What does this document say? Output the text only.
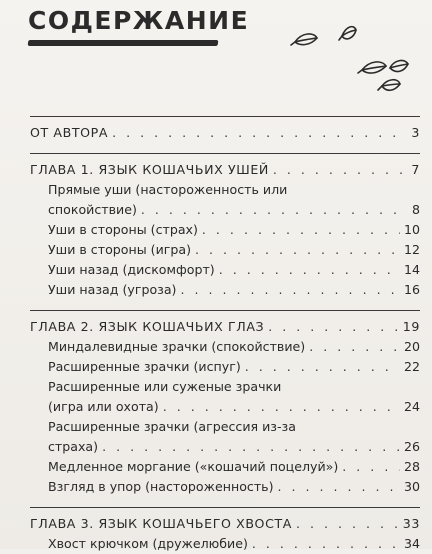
СОДЕРЖАНИЕ
ОТ АВТОРА . . .	3
ГЛАВА 1. ЯЗЫК КОШАЧЬИХ УШЕЙ . . .	7
Прямые уши (настороженность или
спокойствие) . . .	8
Уши в стороны (страх) . . .	10
Уши в стороны (игра) . . .	12
Уши назад (дискомфорт) . . .	14
Уши назад (угроза) . . .	16
ГЛАВА 2. ЯЗЫК КОШАЧЬИХ ГЛАЗ . . .	19
Миндалевидные зрачки (спокойствие) . . .	20
Расширенные зрачки (испуг) . . .	22
Расширенные или суженые зрачки
(игра или охота) . . .	24
Расширенные зрачки (агрессия из-за
страха) . . .	26
Медленное моргание («кошачий поцелуй») . . .	28
Взгляд в упор (настороженность) . . .	30
ГЛАВА 3. ЯЗЫК КОШАЧЬЕГО ХВОСТА . . .	33
Хвост крючком (дружелюбие) . . .	34
